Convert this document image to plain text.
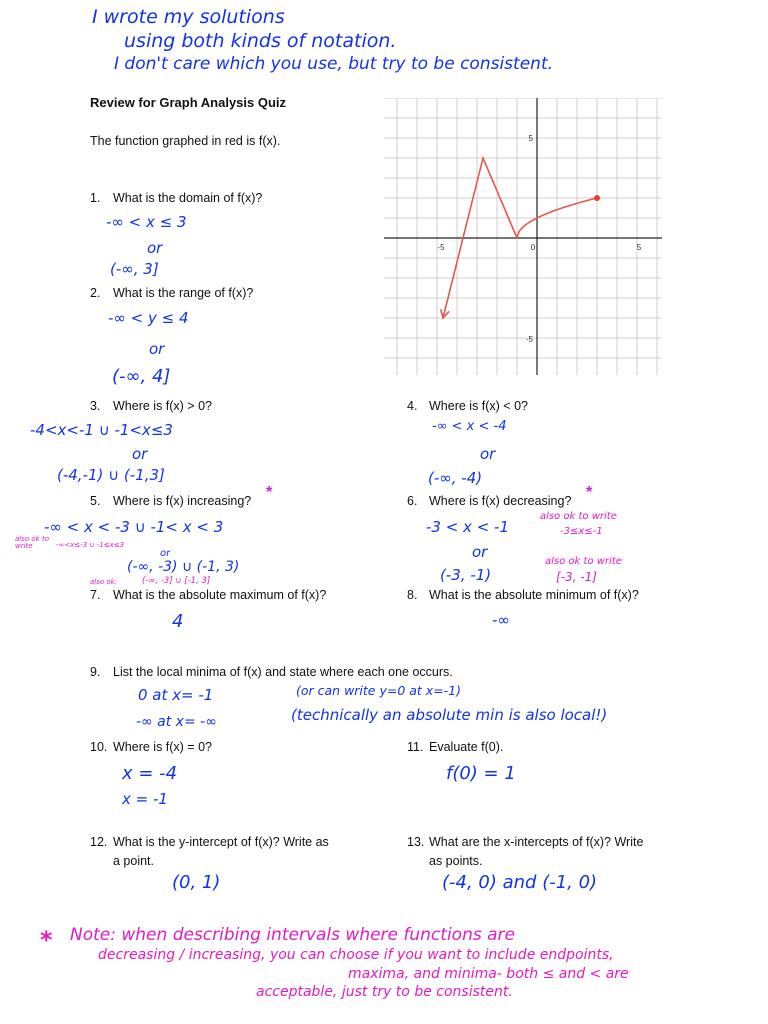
I wrote my solutions
using both kinds of notation.
I don't care which you use, but try to be consistent.
Review for Graph Analysis Quiz
The function graphed in red is f(x).
-5	0	5
5
-5
1. What is the domain of f(x)?
-∞ < x ≤ 3
or
(-∞, 3]
2. What is the range of f(x)?
-∞ < y ≤ 4
or
(-∞, 4]
3. Where is f(x) > 0?
-4<x<-1 ∪ -1<x≤3
or
(-4,-1) ∪ (-1,3]
4. Where is f(x) < 0?
-∞ < x < -4
or
(-∞, -4)
5. Where is f(x) increasing? *
-∞ < x < -3 ∪ -1< x < 3
also ok to write	-∞<x≤-3 ∪ -1≤x≤3
or
(-∞, -3) ∪ (-1, 3)
also ok:	(-∞, -3] ∪ [-1, 3]
6. Where is f(x) decreasing? *
-3 < x < -1
also ok to write
-3≤x≤-1
or
(-3, -1)
also ok to write
[-3, -1]
7. What is the absolute maximum of f(x)?
4
8. What is the absolute minimum of f(x)?
-∞
9. List the local minima of f(x) and state where each one occurs.
0 at x= -1	(or can write y=0 at x=-1)
-∞ at x= -∞	(technically an absolute min is also local!)
10. Where is f(x) = 0?
x = -4
x = -1
11. Evaluate f(0).
f(0) = 1
12. What is the y-intercept of f(x)? Write as
a point.
(0, 1)
13. What are the x-intercepts of f(x)? Write
as points.
(-4, 0) and (-1, 0)
* Note: when describing intervals where functions are
decreasing / increasing, you can choose if you want to include endpoints,
maxima, and minima- both ≤ and < are
acceptable, just try to be consistent.
